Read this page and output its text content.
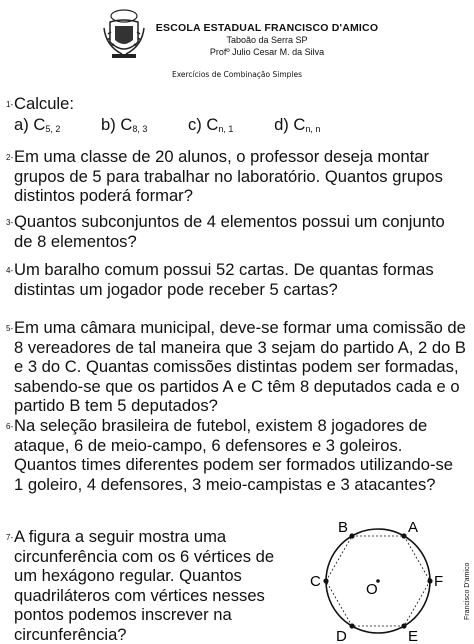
ESCOLA ESTADUAL FRANCISCO D'AMICO
Taboão da Serra SP
Profº Julio Cesar M. da Silva
Exercícios de Combinação Simples
1- Calcule:
a) $C_{5, 2}$ b) $C_{8, 3}$ c) $C_{n, 1}$ d) $C_{n, n}$
2- Em uma classe de 20 alunos, o professor deseja montar grupos de 5 para trabalhar no laboratório. Quantos grupos distintos poderá formar?
3- Quantos subconjuntos de 4 elementos possui um conjunto de 8 elementos?
4- Um baralho comum possui 52 cartas. De quantas formas distintas um jogador pode receber 5 cartas?
5- Em uma câmara municipal, deve-se formar uma comissão de 8 vereadores de tal maneira que 3 sejam do partido A, 2 do B e 3 do C. Quantas comissões distintas podem ser formadas, sabendo-se que os partidos A e C têm 8 deputados cada e o partido B tem 5 deputados?
6- Na seleção brasileira de futebol, existem 8 jogadores de ataque, 6 de meio-campo, 6 defensores e 3 goleiros. Quantos times diferentes podem ser formados utilizando-se 1 goleiro, 4 defensores, 3 meio-campistas e 3 atacantes?
7- A figura a seguir mostra uma circunferência com os 6 vértices de um hexágono regular. Quantos quadriláteros com vértices nesses pontos podemos inscrever na circunferência?
B	A
C	F
D	E
O	Francisco D'amico
